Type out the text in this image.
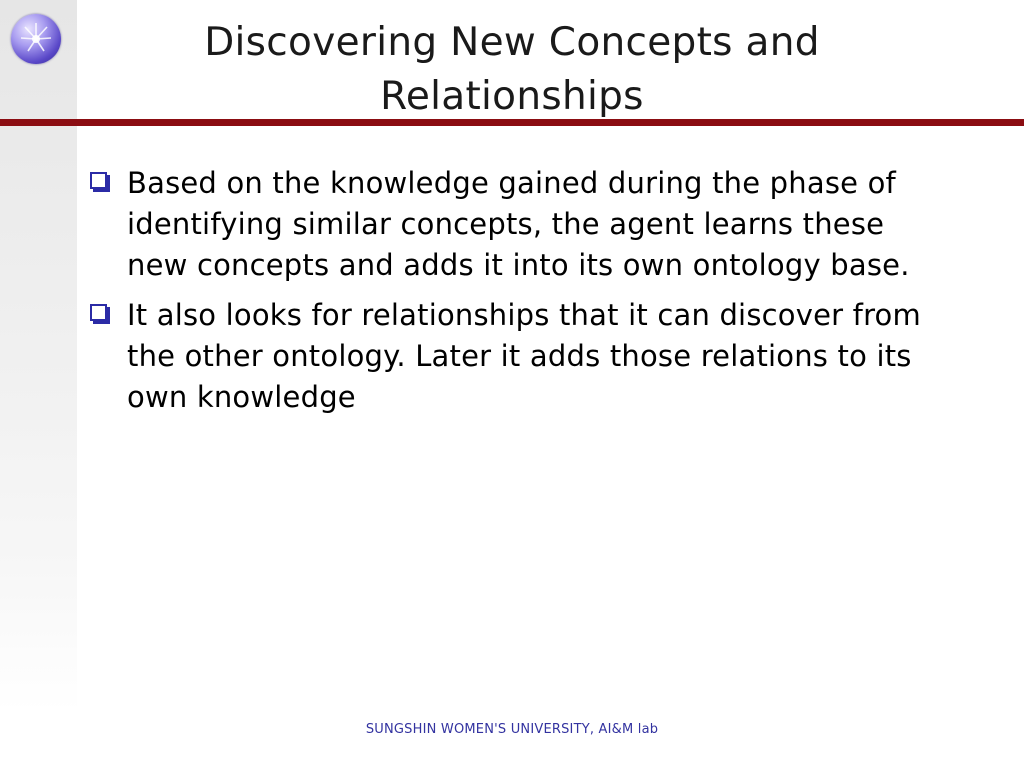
Discovering New Concepts and
Relationships
Based on the knowledge gained during the phase of identifying similar concepts, the agent learns these new concepts and adds it into its own ontology base.
It also looks for relationships that it can discover from the other ontology. Later it adds those relations to its own knowledge
SUNGSHIN WOMEN'S UNIVERSITY, AI&M lab
